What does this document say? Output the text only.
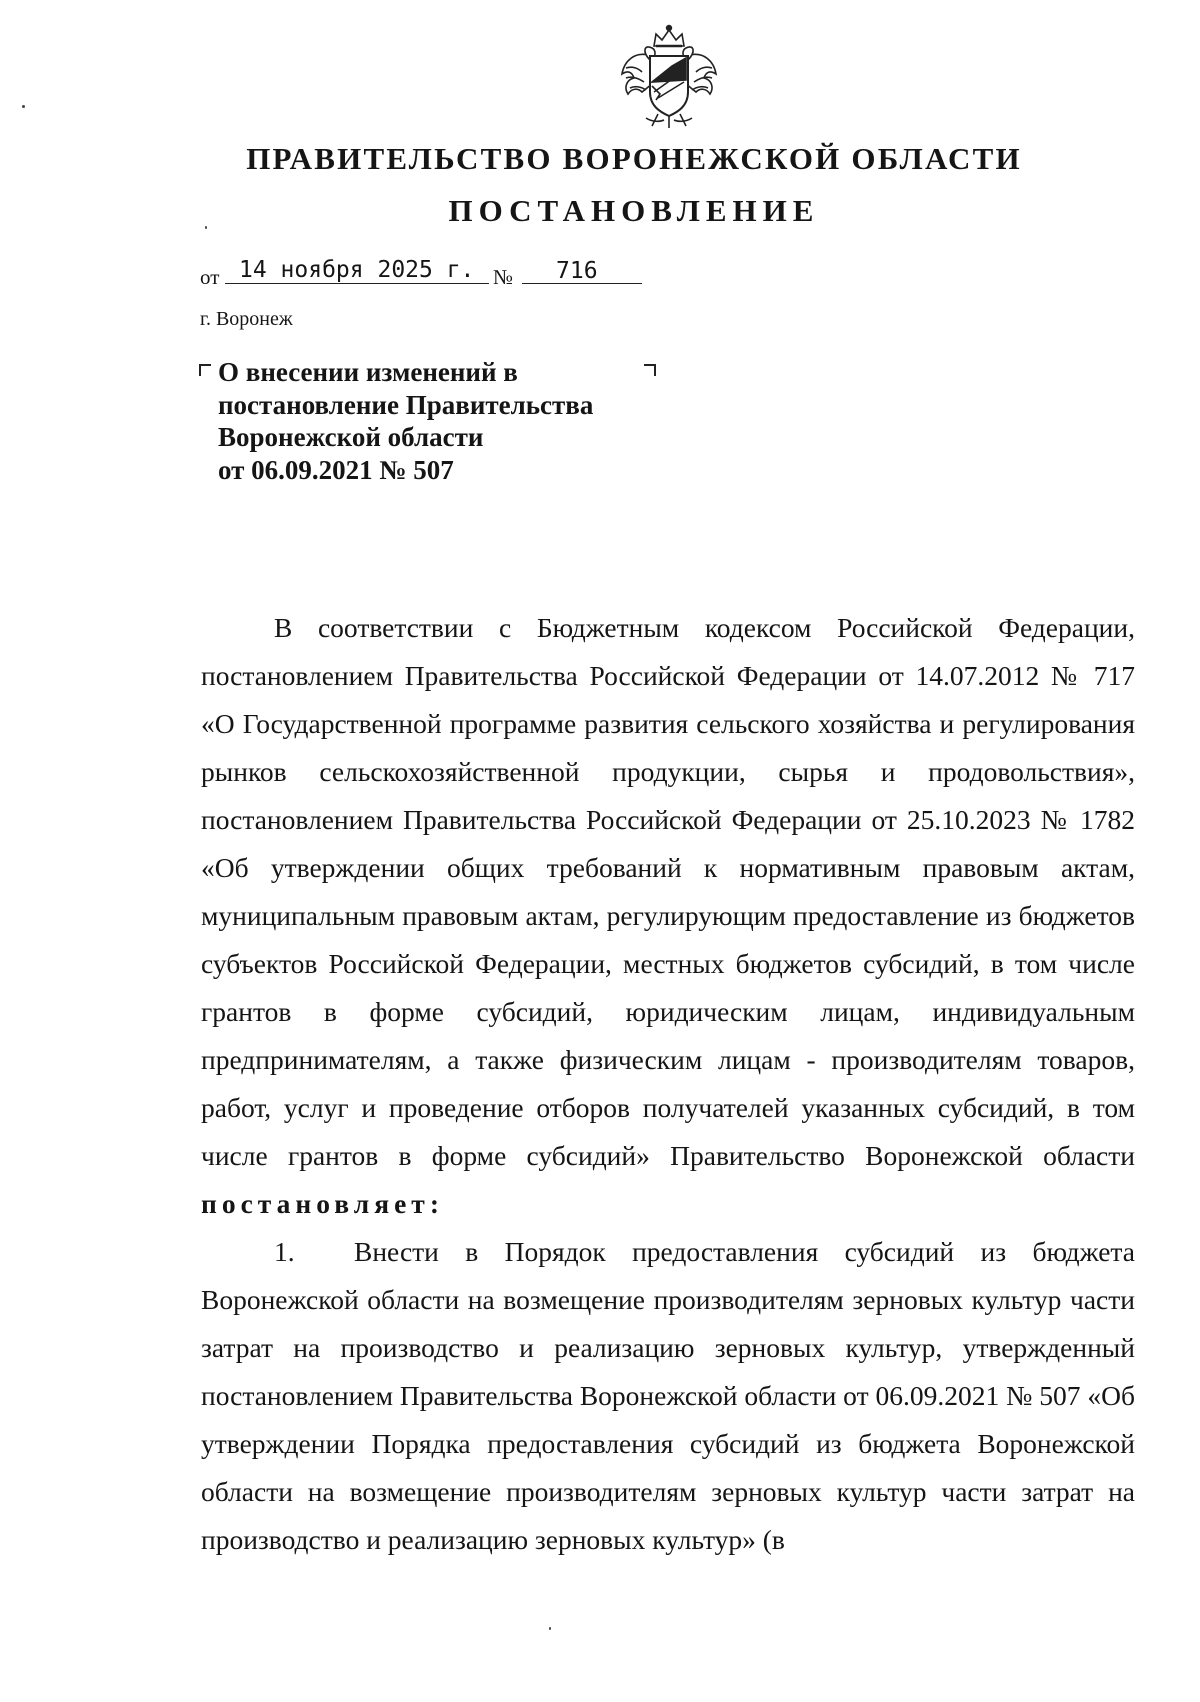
ПРАВИТЕЛЬСТВО ВОРОНЕЖСКОЙ ОБЛАСТИ
ПОСТАНОВЛЕНИЕ
от 14 ноября 2025 г. №	716

г. Воронеж

О внесении изменений в
постановление Правительства
Воронежской области
от 06.09.2021 № 507

В соответствии с Бюджетным кодексом Российской Федерации, постановлением Правительства Российской Федерации от 14.07.2012 № 717 «О Государственной программе развития сельского хозяйства и регулирования рынков сельскохозяйственной продукции, сырья и продовольствия», постановлением Правительства Российской Федерации от 25.10.2023 № 1782 «Об утверждении общих требований к нормативным правовым актам, муниципальным правовым актам, регулирующим предоставление из бюджетов субъектов Российской Федерации, местных бюджетов субсидий, в том числе грантов в форме субсидий, юридическим лицам, индивидуальным предпринимателям, а также физическим лицам - производителям товаров, работ, услуг и проведение отборов получателей указанных субсидий, в том числе грантов в форме субсидий» Правительство Воронежской области постановляет:

1. Внести в Порядок предоставления субсидий из бюджета Воронежской области на возмещение производителям зерновых культур части затрат на производство и реализацию зерновых культур, утвержденный постановлением Правительства Воронежской области от 06.09.2021 № 507 «Об утверждении Порядка предоставления субсидий из бюджета Воронежской области на возмещение производителям зерновых культур части затрат на производство и реализацию зерновых культур» (в
